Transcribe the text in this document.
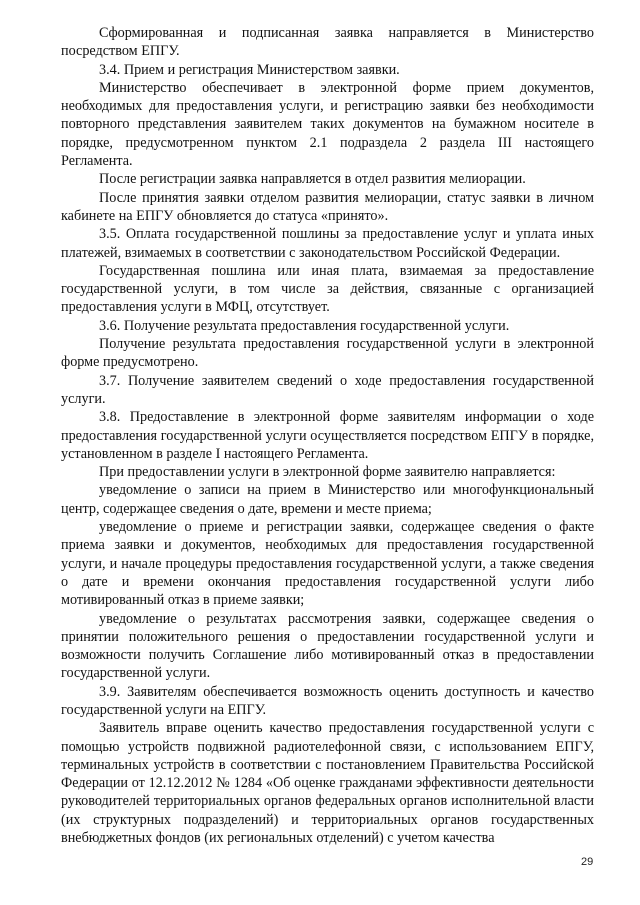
Сформированная и подписанная заявка направляется в Министерство посредством ЕПГУ.

3.4. Прием и регистрация Министерством заявки.

Министерство обеспечивает в электронной форме прием документов, необходимых для предоставления услуги, и регистрацию заявки без необходимости повторного представления заявителем таких документов на бумажном носителе в порядке, предусмотренном пунктом 2.1 подраздела 2 раздела III настоящего Регламента.

После регистрации заявка направляется в отдел развития мелиорации.

После принятия заявки отделом развития мелиорации, статус заявки в личном кабинете на ЕПГУ обновляется до статуса «принято».

3.5. Оплата государственной пошлины за предоставление услуг и уплата иных платежей, взимаемых в соответствии с законодательством Российской Федерации.

Государственная пошлина или иная плата, взимаемая за предоставление государственной услуги, в том числе за действия, связанные с организацией предоставления услуги в МФЦ, отсутствует.

3.6. Получение результата предоставления государственной услуги.

Получение результата предоставления государственной услуги в электронной форме предусмотрено.

3.7. Получение заявителем сведений о ходе предоставления государственной услуги.

3.8. Предоставление в электронной форме заявителям информации о ходе предоставления государственной услуги осуществляется посредством ЕПГУ в порядке, установленном в разделе I настоящего Регламента.

При предоставлении услуги в электронной форме заявителю направляется:

уведомление о записи на прием в Министерство или многофункциональный центр, содержащее сведения о дате, времени и месте приема;

уведомление о приеме и регистрации заявки, содержащее сведения о факте приема заявки и документов, необходимых для предоставления государственной услуги, и начале процедуры предоставления государственной услуги, а также сведения о дате и времени окончания предоставления государственной услуги либо мотивированный отказ в приеме заявки;

уведомление о результатах рассмотрения заявки, содержащее сведения о принятии положительного решения о предоставлении государственной услуги и возможности получить Соглашение либо мотивированный отказ в предоставлении государственной услуги.

3.9. Заявителям обеспечивается возможность оценить доступность и качество государственной услуги на ЕПГУ.

Заявитель вправе оценить качество предоставления государственной услуги с помощью устройств подвижной радиотелефонной связи, с использованием ЕПГУ, терминальных устройств в соответствии с постановлением Правительства Российской Федерации от 12.12.2012 № 1284 «Об оценке гражданами эффективности деятельности руководителей территориальных органов федеральных органов исполнительной власти (их структурных подразделений) и территориальных органов государственных внебюджетных фондов (их региональных отделений) с учетом качества

29
